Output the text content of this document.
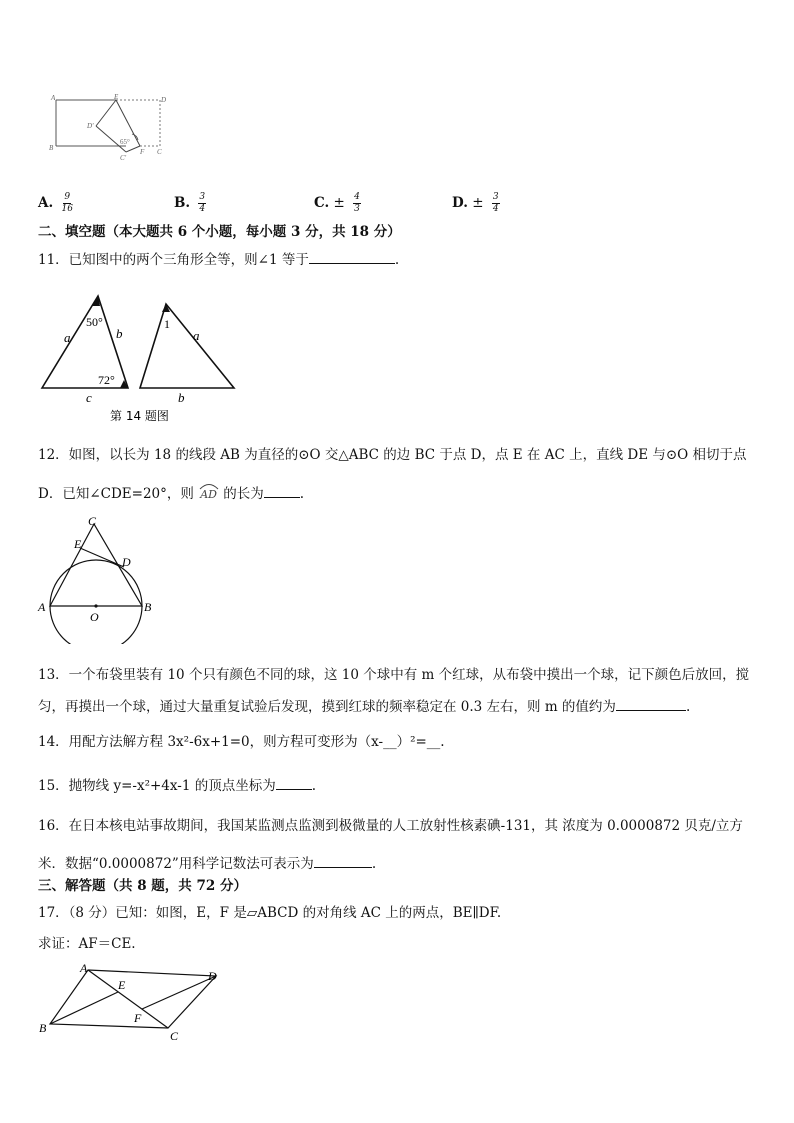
A	E	D
B
D'
C'
F C
65°
A. $\frac{9}{16}$	B. $\frac{3}{4}$	C. ± $\frac{4}{3}$	D. ± $\frac{3}{4}$
二、填空题（本大题共 6 个小题，每小题 3 分，共 18 分）
11．已知图中的两个三角形全等，则∠1 等于	.
a	b
c
50°
72°
1
a
b
第 14 题图
12．如图，以长为 18 的线段 AB 为直径的⊙O 交△ABC 的边 BC 于点 D，点 E 在 AC 上，直线 DE 与⊙O 相切于点
D．已知∠CDE=20°，则 AD 的长为	.
C
E
D
A	B
O
13．一个布袋里装有 10 个只有颜色不同的球，这 10 个球中有 m 个红球，从布袋中摸出一个球，记下颜色后放回，搅
匀，再摸出一个球，通过大量重复试验后发现，摸到红球的频率稳定在 0.3 左右，则 m 的值约为	.
14．用配方法解方程 3x²-6x+1=0，则方程可变形为（x-__）²=__.
15．抛物线 y=-x²+4x-1 的顶点坐标为	.
16．在日本核电站事故期间，我国某监测点监测到极微量的人工放射性核素碘-131，其 浓度为 0.0000872 贝克/立方
米．数据“0.0000872”用科学记数法可表示为	.
三、解答题（共 8 题，共 72 分）
17．（8 分）已知：如图，E，F 是▱ABCD 的对角线 AC 上的两点，BE∥DF.
求证：AF＝CE.
A
D
E
F
B
C
